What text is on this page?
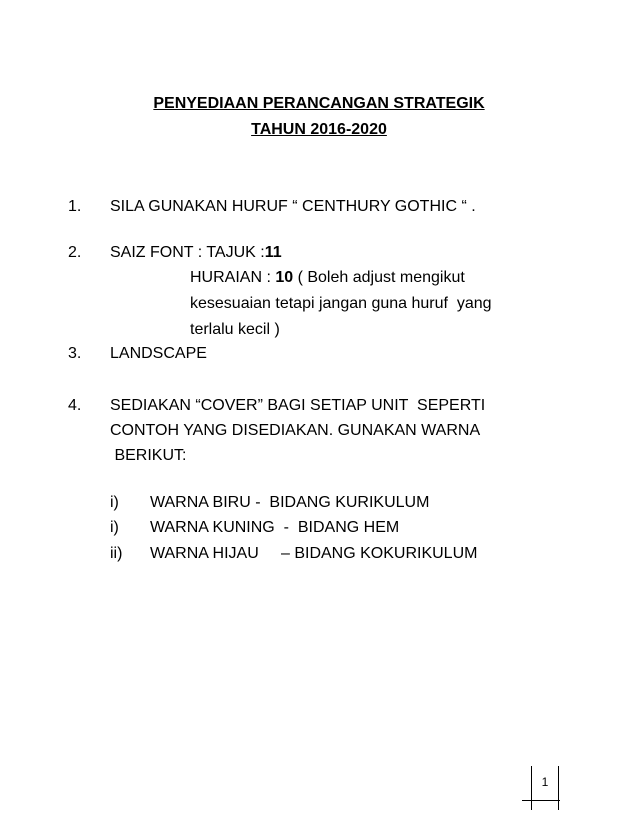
PENYEDIAAN PERANCANGAN STRATEGIK
TAHUN 2016-2020
1. SILA GUNAKAN HURUF “ CENTHURY GOTHIC “ .
2. SAIZ FONT : TAJUK :11
HURAIAN : 10 ( Boleh adjust mengikut
kesesuaian tetapi jangan guna huruf  yang
terlalu kecil )
3. LANDSCAPE
4. SEDIAKAN “COVER” BAGI SETIAP UNIT  SEPERTI
CONTOH YANG DISEDIAKAN. GUNAKAN WARNA
BERIKUT:
i) WARNA BIRU -  BIDANG KURIKULUM
i) WARNA KUNING  -  BIDANG HEM
ii) WARNA HIJAU     – BIDANG KOKURIKULUM
1
